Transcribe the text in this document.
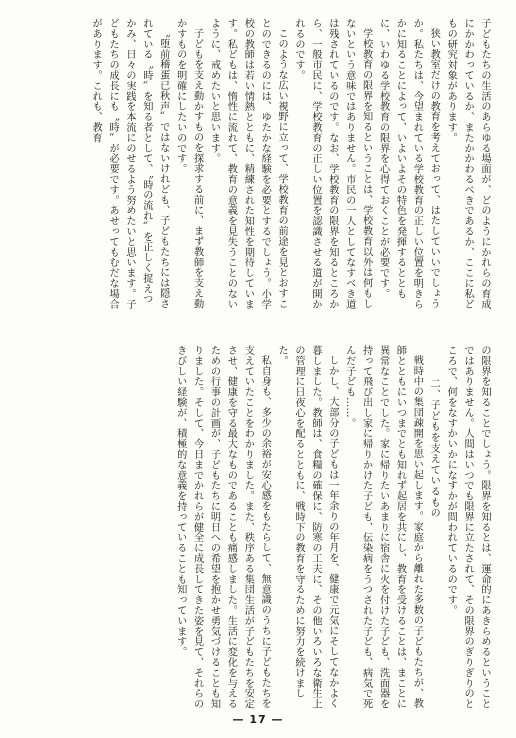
子どもたちの生活のあらゆる場面が、どのようにかれらの育成にかかわっているか、またかかわるべきであるか、ここに私どもの研究対象があります。
狭い教室だけの教育を考えておって、はたしていいでしょうか。私たちは、今望まれている学校教育の正しい位置を明きらかに知ることによって、いよいよその特色を発揮するとともに、いわゆる学校教育の限界を心得ておくことが必要です。
学校教育の限界を知るということは、学校教育以外は何もしないという意味ではありません。市民の一人としてなすべき道は残されているのです。なお、学校教育の限界を知るところから、一般市民に、学校教育の正しい位置を認識させる道が開かれるのです。
このような広い視野に立って、学校教育の前途を見とおすことのできるのには、ゆたかな経験を必要とするでしょう。小学校の教師は若い情熱とともに、精練された知性を期待しています。私どもは、惰性に流れて、教育の意義を見失うことのないように、戒めたいと思います。
子どもを支え動かすものを探求する前に、まず教師を支え動かすものを明確にしたいのです。
〝堕前稽蛋已秋声〟ではないけれども、子どもたちには隠されている〝時〟を知る者として、〝時の流れ〟を正しく捉えつかみ、日々の実践を本流にのせるよう努めたいと思います。子どもたちの成長にも〝時〟が必要です。あせってもむだな場合があります。これも、教育
の限界を知ることでしょう。限界を知るとは、運命的にあきらめるということではありません。人間はいつでも限界に立たされて、その限界のぎりぎりのところで、何をなすかいかになすかが問われているのです。
二、子どもを支えているもの
戦時中の集団疎開を思い起します。家庭から離れた多数の子どもたちが、教師とともにいつまでとも知れず起居を共にし、教育を受けることは、まことに異常なことでした。家に帰りたいあまりに宿舎に火を付けた子ども、洗面器を持って飛び出し家に帰りかけた子ども、伝染病をうつされた子ども、病気で死んだ子ども……。
しかし、大部分の子どもは一年余りの年月を、健康で元気にそしてなかよく暮しました。教師は、食糧の確保に、防寒の工夫に、その他いろいろな衛生上の管理に日夜心を配るとともに、戦時下の教育を守るために努力を続けました。
私自身も、多少の余裕が安心感をもたらして、無意識のうちに子どもたちを支えていたことをわかりました。また、秩序ある集団生活が子どもたちを安定させ、健康を守る最大なものであることも痛感しました。生活に変化を与えるための行事の計画が、子どもたちに明日への希望を抱かせ勇気づけることも知りました。そして、今日までかれらが健全に成長してきた姿を見て、それらのきびしい経験が、積極的な意義を持っていることも知っています。
— 17 —
